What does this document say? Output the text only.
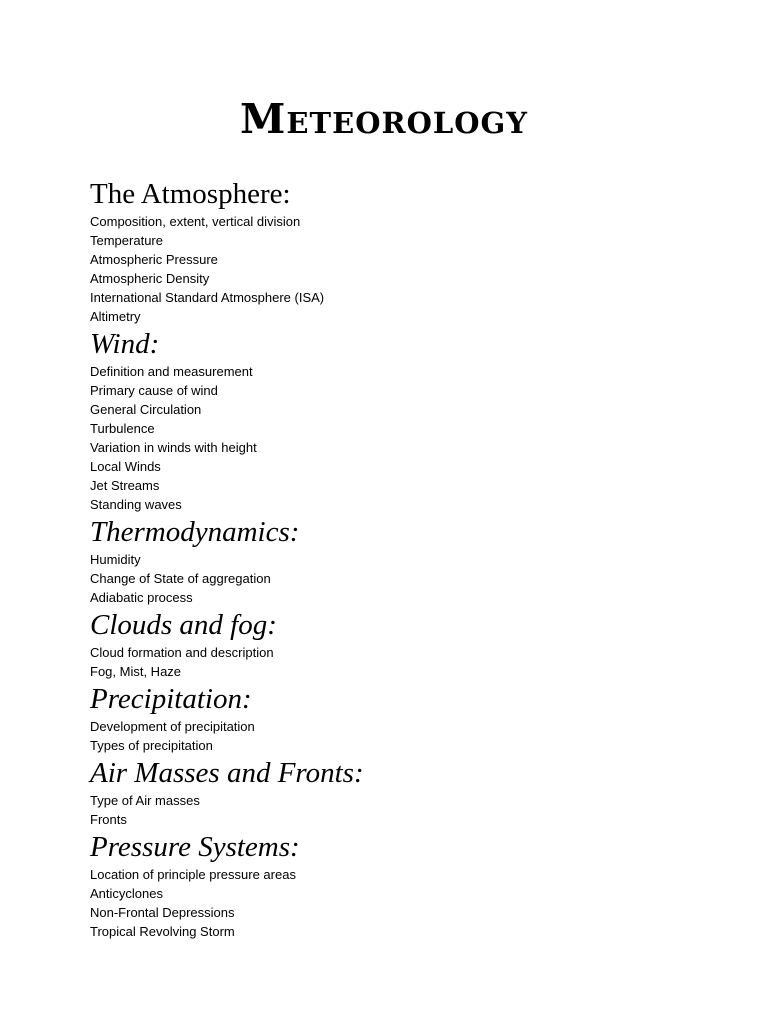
Meteorology
The Atmosphere:
Composition, extent, vertical division
Temperature
Atmospheric Pressure
Atmospheric Density
International Standard Atmosphere (ISA)
Altimetry
Wind:
Definition and measurement
Primary cause of wind
General Circulation
Turbulence
Variation in winds with height
Local Winds
Jet Streams
Standing waves
Thermodynamics:
Humidity
Change of State of aggregation
Adiabatic process
Clouds and fog:
Cloud formation and description
Fog, Mist, Haze
Precipitation:
Development of precipitation
Types of precipitation
Air Masses and Fronts:
Type of Air masses
Fronts
Pressure Systems:
Location of principle pressure areas
Anticyclones
Non-Frontal Depressions
Tropical Revolving Storm
